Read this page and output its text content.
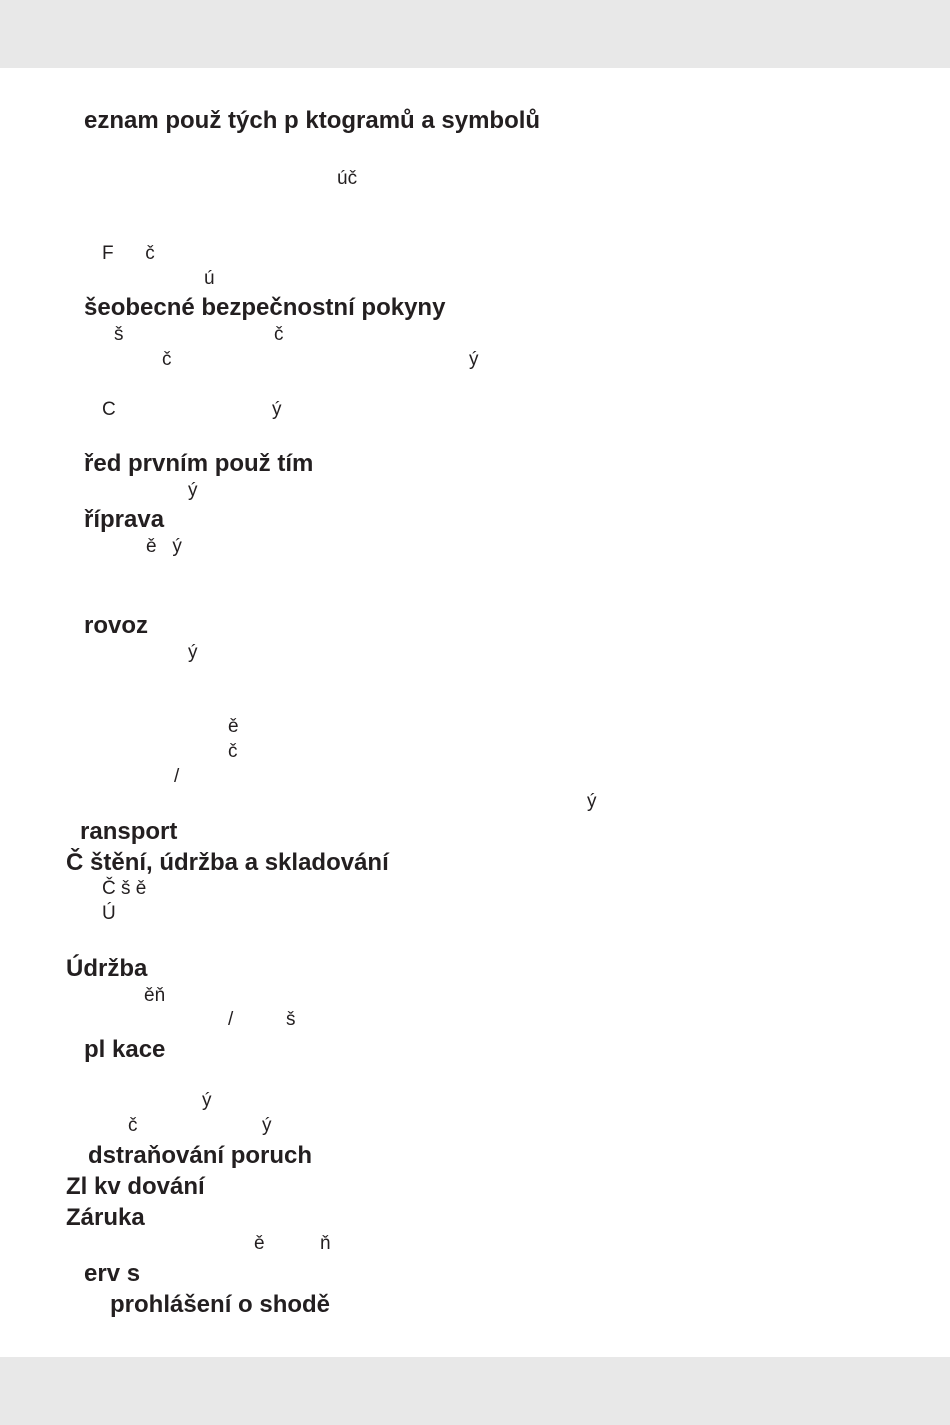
eznam použ tých p ktogramů a symbolů
úč
F      č
ú
šeobecné bezpečnostní pokyny
š	č
č	ý
C	ý
řed prvním použ tím
ý
říprava
ě   ý
rovoz
ý
ě
č
/
ý
ransport
Č štění, údržba a skladování
Č š ě
Ú
Údržba
ěň
/	š
pl kace
ý
č	ý
dstraňování poruch
Zl kv dování
Záruka
ě	ň
erv s
prohlášení o shodě
